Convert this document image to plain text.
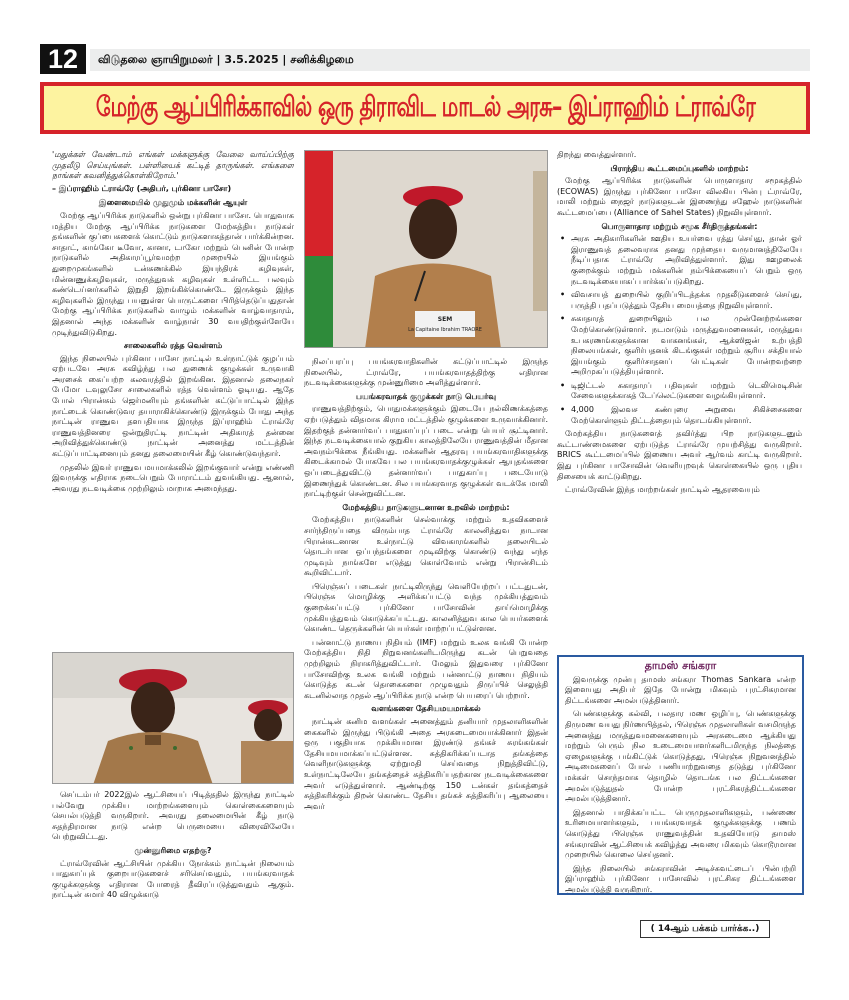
12	விடுதலை ஞாயிறுமலர் | 3.5.2025 | சனிக்கிழமை
மேற்கு ஆப்பிரிக்காவில் ஒரு திராவிட மாடல் அரசு– இப்ராஹிம் ட்ராவ்ரே
'மதுக்கள் வேண்டாம் எங்கள் மக்களுக்கு வேலை வாய்ப்பிற்கு முதலீடு செய்யுங்கள். பள்ளியைக் கட்டித் தாருங்கள். எங்களை நாங்கள் கவனித்துக்கொள்கிறோம்.'
– இப்ராஹிம் ட்ராவ்ரே (அதிபர், புர்கினா பாசோ)
இளைமையில் முதுமும் மக்களின் ஆயுள்

மேற்கு ஆப்பிரிக்க நாடுகளில் ஒன்று புர்கினா பாசோ. பொதுவாக மத்திய மேற்கு ஆப்பிரிக்க நாடுகளை மேற்கத்திய நாடுகள் தங்களின் குப்பைகளைக் கொட்டும் நாடுகளாகத்தான் பார்க்கின்றன. சாதாட், காங்கோ டீவோ, கானா, டாகோ மற்றும் பெனின் போன்ற நாடுகளில் அதிகாரப்பூர்வமற்ற முறையில் இயங்கும் துறைமுகங்களில் டன்கணக்கில் இயந்திரக் கழிவுகள், மின்னணுக்கழிவுகள், மருத்துவக் கழிவுகள் உள்ளிட்ட பலவும் கண்டெய்னர்களில் இறுதி இறங்கிக்கொண்டே இருக்கும் இந்த கழிவுகளில் இருந்து பயனுள்ள பொருட்களை பிரித்தெடுப்பதுதான் மேற்கு ஆப்பிரிக்க நாடுகளில் வாழும் மக்களின் வாழ்வாதாரம், இதனால் அந்த மக்களின் வாழ்நாள் 30 வயதிற்குள்ளேயே முடிந்துவிடுகிறது.

சாலைகளில் ரத்த வெள்ளம்

இந்த நிலையில் புர்கினா பாசோ நாட்டில் உள்நாட்டுக் குழப்பம் ஏற்படவே அரசு கவிழ்ந்து பல துணைக் குழுக்கள் உருவாகி அரசைக் கைப்பற்ற கலவரத்தில் இறங்கின. இதனால் தலைநகர் பேமோ டவுலுசோ சாலைகளில் ரத்த வெள்ளம் ஓடியது. ஆதே போல் பிரான்சும் ஜெர்மனியும் தங்களின் கட்டுப்பாட்டில் இந்த நாட்டைக் கொண்டுவர தயாராகிக்கொண்டு இருக்கும் போது அந்த நாட்டின் ராணுவ தளபதியாக இருந்த இப்ராஹிம் ட்ராவ்ரே ராணுவத்தினரை ஒன்றுதிரட்டி நாட்டின் அதிகாரத் தன்னை அறிவித்துக்கொண்டு நாட்டின் அனைத்து மட்டத்தின் கட்டுப்பாட்டினையும் தனது தலைமையின் கீழ் கொண்டுவந்தார்.

முதலில் இவர் ராணுவ மயமாக்கலில் இறங்குவார் என்று எண்ணி இவருக்கு எதிராக நடைபெறும் போராட்டம் துவங்கியது. ஆனால், அவரது நடவடிக்கை முற்றிலும் மாறாக அமைந்தது.

செப்டம்பர் 2022இல் ஆட்சியைப் பிடித்ததில் இருந்து நாட்டில் பல்வேறு முக்கிய மாற்றங்களையும் கொள்கைகளையும் செயல்படுத்தி வருகிறார். அவரது தலைமையின் கீழ் நாடு சுதந்திரமான நாடு என்ற பெருமையை விரைவிலேயே பெற்றுவிட்டது.

முன்னுரிமை எதற்கு?

ட்ராவ்ரேவின் ஆட்சியின் முக்கிய நோக்கம் நாட்டின் நிலையம் பாதுகாப்புக் குறைபாடுகளைச் சரிசெய்வதும், பயங்கரவாதக் குழுக்களுக்கு எதிரான போரைத் தீவிரப்படுத்துவதும் ஆகும். நாட்டின் சுமார் 40 விழுக்காடு

SEM
La Capitaine Ibrahim TRAORE

நிலப்பரப்பு பயங்கரவாதிகளின் கட்டுப்பாட்டில் இருந்த நிலையில், ட்ராவ்ரே, பயங்கரவாதத்திற்கு எதிரான நடவடிக்கைகளுக்கு முன்னுரிமை அளித்துள்ளார்.

பயங்கரவாதக் குழுக்கள் நாடு பெயர்வு

ராணுவத்திற்கும், பொதுமக்களுக்கும் இடையே நல்லிணக்கத்தை ஏற்படுத்தும் விதமாக கிராம மட்டத்தில் குழுக்களை உருவாக்கினார். இதற்குத் தன்னார்வப் பாதுகாப்புப் படை என்று பெயர் சூட்டினார். இந்த நடவடிக்கையால் குறுகிய காலத்திலேயே ராணுவத்தின் மீதான அவநம்பிக்கை நீங்கியது. மக்களின் ஆதரவு பயங்கரவாதிகளுக்கு கிடைக்காமல் போகவே பல பயங்கரவாதக்குழுக்கள் ஆயுதங்களை ஒப்படைத்துவிட்டு தன்னார்வப் பாதுகாப்பு படையோடு இணைந்துக் கொண்டன. சில பயங்கரவாத குழுக்கள் வடக்கே மாலி நாட்டிற்குள் சென்றுவிட்டன.

மேற்கத்திய நாடுகளுடனான உறவில் மாற்றம்:

மேற்கத்திய நாடுகளின் செல்வாக்கு மற்றும் உதவிகளைச் சார்ந்திருப்பதை விரும்பாத ட்ராவ்ரே காலனித்துவ நாடான பிரான்சுடனான உள்நாட்டு விவகாரங்களில் தலையிடல் தொடர்பான ஒப்பந்தங்களை முடிவிற்கு கொண்டு வந்து எந்த முடிவும் நாங்களே எடுத்து கொள்வோம் என்று பிரான்சிடம் கூறிவிட்டார்.

பிரெஞ்சுப் படைகள் நாட்டிலிருந்து வெளியேற்றப் பட்டதுடன், பிரெஞ்சு மொழிக்கு அளிக்கப்பட்டு வந்த முக்கியத்துவம் குறைக்கப்பட்டு புர்கினோ பாசோவின் தாய்மொழிக்கு முக்கியத்துவம் கொடுக்கப்பட்டது. காலனித்துவ கால பெயர்களைக் கொண்ட தெருக்களின் பெயர்கள் மாற்றப்பட்டுள்ளன.

பன்னாட்டு நாணய நிதியம் (IMF) மற்றும் உலக வங்கி போன்ற மேற்கத்திய நிதி நிறுவனங்களிடமிருந்து கடன் பெறுவதை முற்றிலும் நிராகரித்துவிட்டார். மேலும் இதுவரை புர்கினோ பாசோவிற்கு உலக வங்கி மற்றும் பன்னாட்டு நாணய நிதியம் கொடுத்த கடன் தொகைகளை முழுவதும் திருப்பிச் செலுத்தி கடனில்லாத முதல் ஆப்பிரிக்க நாடு என்ற பெயரைப் பெற்றார்.

வளங்களை தேசியமயமாக்கல்

நாட்டின் கனிம வளங்கள் அனைத்தும் தனியார் முதலாளிகளின் கைகளில் இருந்து பிடுங்கி அதை அரசுடைமையாக்கினார் இதன் ஒரு பகுதியாக முக்கியமான இரண்டு தங்கச் சுரங்கங்கள் தேசியமயமாக்கப்பட்டுள்ளன. சுத்திகரிக்கப்படாத தங்கத்தை வெளிநாடுகளுக்கு ஏற்றுமதி செய்வதை நிறுத்திவிட்டு, உள்நாட்டிலேயே தங்கத்தைச் சுத்திகரிப்பதற்கான நடவடிக்கைகளை அவர் எடுத்துள்ளார். ஆண்டிற்கு 150 டன்கள் தங்கத்தைச் சுத்திகரிக்கும் திறன் கொண்ட தேசிய தங்கச் சுத்திகரிப்பு ஆலையை அவர்

திறந்து வைத்துள்ளார்.

பிராந்திய கூட்டமைப்புகளில் மாற்றம்:

மேற்கு ஆப்பிரிக்க நாடுகளின் பொருளாதார சமூகத்தில் (ECOWAS) இருந்து புர்கினோ பாசோ விலகிய பின்பு ட்ராவ்ரே, மாலி மற்றும் நைஜர் நாடுகளுடன் இணைந்து சஹேல் நாடுகளின் கூட்டமைப்பை (Alliance of Sahel States) நிறுவியுள்ளார்.

பொருளாதார மற்றும் சமூக சீர்திருத்தங்கள்:
• அரசு அதிகாரிகளின் ஊதிய உயர்வை ரத்து செய்து, தான் ஓர் இராணுவத் தலைவராக தனது முந்தைய வருமானத்திலேயே நீடிப்பதாக ட்ராவ்ரே அறிவித்துள்ளார். இது ஊழலைக் குறைக்கும் மற்றும் மக்களின் நம்பிக்கையைப் பெறும் ஒரு நடவடிக்கையாகப் பார்க்கப்படுகிறது.
• விவசாயத் துறையில் குறிப்பிடத்தக்க முதலீடுகளைச் செய்து, பருத்தி பதப்படுத்தும் தேசிய மையத்தை நிறுவியுள்ளார்.
• சுகாதாரத் துறையிலும் பல முன்னேற்றங்களை மேற்கொண்டுள்ளார். நடமாடும் மருத்துவமனைகள், மருத்துவ உபகரணங்களுக்கான வாகனங்கள், ஆக்ஸிஜன் உற்பத்தி நிலையங்கள், குளிர்பதனக் கிடங்குகள் மற்றும் சூரிய சக்தியால் இயங்கும் குளிர்சாதனப் பெட்டிகள் போன்றவற்றை அறிமுகப்படுத்தியுள்ளார்.
• டிஜிட்டல் சுகாதாரப் பதிவுகள் மற்றும் டெலிமெடிசின் சேவைகளுக்காகத் டேப்லெட்டுகளை வழங்கியுள்ளார்.
• 4,000 இலவச கண்புரை அறுவை சிகிச்சைகளை மேற்கொள்ளும் திட்டத்தையும் தொடங்கியுள்ளார்.

மேற்கத்திய நாடுகளைத் தவிர்த்து பிற நாடுகளுடனும் கூட்டாண்மைகளை ஏற்படுத்த ட்ராவ்ரே முயற்சித்து வருகிறார். BRICS கூட்டமைப்பில் இணைய அவர் ஆர்வம் காட்டி வருகிறார். இது புர்கினா பாசோவின் வெளியுறவுக் கொள்கையில் ஒரு புதிய திசையைக் காட்டுகிறது.

ட்ராவ்ரேவின் இந்த மாற்றங்கள் நாட்டில் ஆதரவையும்

தாமஸ் சங்கரா

இவருக்கு முன்பு தாமஸ் சங்கரா Thomas Sankara என்ற இளையது அதிபர் இதே போன்று மிகவும் புரட்சிகரமான திட்டங்களை அமல்படுத்தினார்.

பெண்களுக்கு கல்வி, பலதார மண ஒழிப்பு, பெண்களுக்கு திருமண வயது நிர்ணயித்தல், பிரெஞ்சு முதலாளிகள் வசமிருந்த அனைத்து மருத்துவமனைகளையும் அரசுடைமை ஆக்கியது மற்றும் பெரும் நில உடைமையாளர்களிடமிருந்த நிலத்தை ஏழைகளுக்கு பங்கிட்டுக் கொடுத்தது, பிரெஞ்சு நிறுவனத்தில் அடிமைகளைப் போல் பணியாற்றுவதை தடுத்து புர்கினோ மக்கள் சொந்தமாக தொழில் தொடங்க பல திட்டங்களை அமல்படுத்துதல் போன்ற புரட்சிகரத்திட்டங்களை அமல்படுத்தினார்.

இதனால் பாதிக்கப்பட்ட பெருமுதலாளிகளும், பண்ணை உரிமையாளர்களும், பயங்கரவாதக் குழுக்களுக்கு பணம் கொடுத்து பிரெஞ்சு ராணுவத்தின் உதவியோடு தாமஸ் சங்கராவின் ஆட்சியைக் கவிழ்த்து அவரை மிகவும் கொடூரமான முறையில் கொலை செய்தனர்.

இந்த நிலையில் சங்கராவின் அடிச்சுவட்டைப் பின்பற்றி இப்ராஹிம் புர்கினோ பாசோவில் புரட்சிகர திட்டங்களை அமல்படுத்தி வருகிறார்.

( 14ஆம் பக்கம் பார்க்க..)
